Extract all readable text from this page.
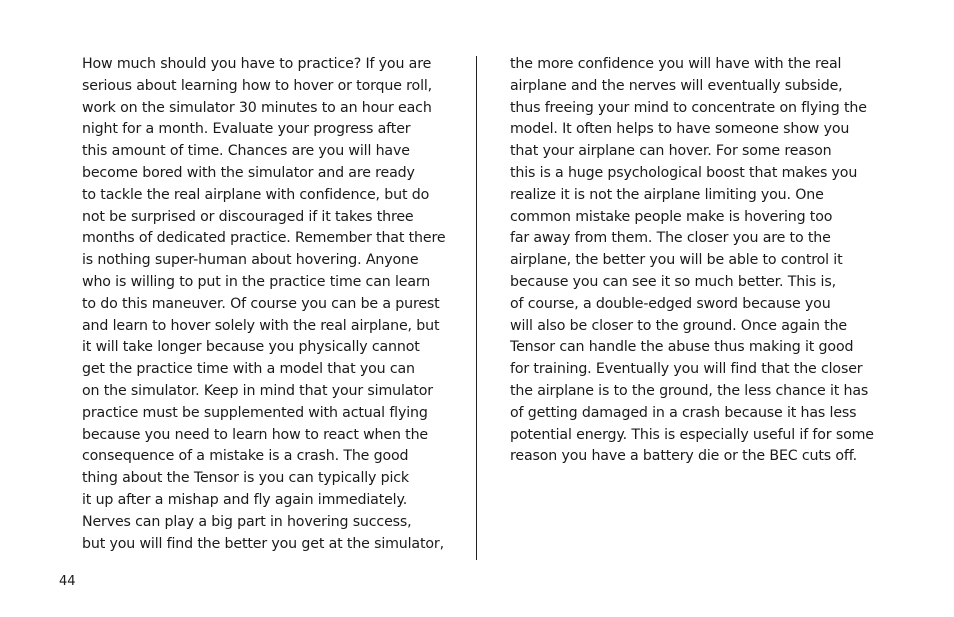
How much should you have to practice? If you are
serious about learning how to hover or torque roll,
work on the simulator 30 minutes to an hour each
night for a month. Evaluate your progress after
this amount of time. Chances are you will have
become bored with the simulator and are ready
to tackle the real airplane with confidence, but do
not be surprised or discouraged if it takes three
months of dedicated practice. Remember that there
is nothing super-human about hovering. Anyone
who is willing to put in the practice time can learn
to do this maneuver. Of course you can be a purest
and learn to hover solely with the real airplane, but
it will take longer because you physically cannot
get the practice time with a model that you can
on the simulator. Keep in mind that your simulator
practice must be supplemented with actual flying
because you need to learn how to react when the
consequence of a mistake is a crash. The good
thing about the Tensor is you can typically pick
it up after a mishap and fly again immediately.
Nerves can play a big part in hovering success,
but you will find the better you get at the simulator,
the more confidence you will have with the real
airplane and the nerves will eventually subside,
thus freeing your mind to concentrate on flying the
model. It often helps to have someone show you
that your airplane can hover. For some reason
this is a huge psychological boost that makes you
realize it is not the airplane limiting you. One
common mistake people make is hovering too
far away from them. The closer you are to the
airplane, the better you will be able to control it
because you can see it so much better. This is,
of course, a double-edged sword because you
will also be closer to the ground. Once again the
Tensor can handle the abuse thus making it good
for training. Eventually you will find that the closer
the airplane is to the ground, the less chance it has
of getting damaged in a crash because it has less
potential energy. This is especially useful if for some
reason you have a battery die or the BEC cuts off.
44
